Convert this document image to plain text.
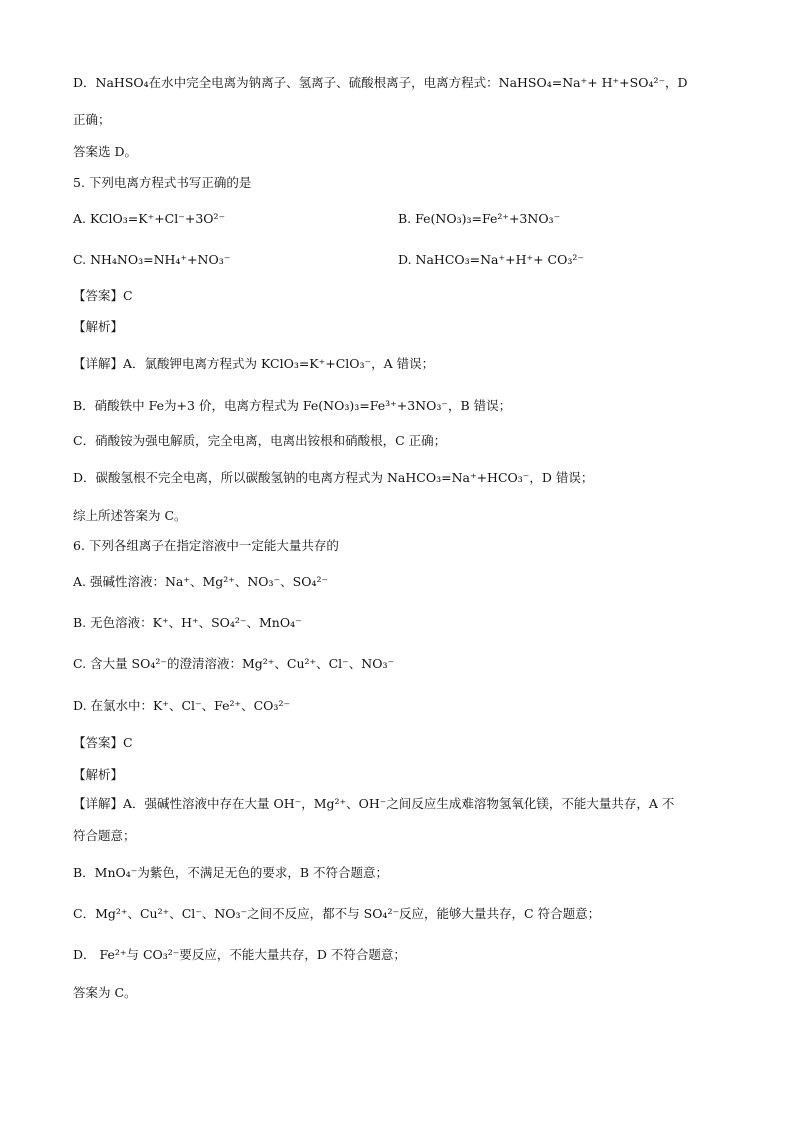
D．NaHSO₄在水中完全电离为钠离子、氢离子、硫酸根离子，电离方程式：NaHSO₄=Na⁺+ H⁺+SO₄²⁻，D
正确；
答案选 D。
5. 下列电离方程式书写正确的是
A. KClO₃=K⁺+Cl⁻+3O²⁻	B. Fe(NO₃)₃=Fe²⁺+3NO₃⁻
C. NH₄NO₃=NH₄⁺+NO₃⁻	D. NaHCO₃=Na⁺+H⁺+ CO₃²⁻
【答案】C
【解析】
【详解】A．氯酸钾电离方程式为 KClO₃=K⁺+ClO₃⁻，A 错误；
B．硝酸铁中 Fe为+3 价，电离方程式为 Fe(NO₃)₃=Fe³⁺+3NO₃⁻，B 错误；
C．硝酸铵为强电解质，完全电离，电离出铵根和硝酸根，C 正确；
D．碳酸氢根不完全电离，所以碳酸氢钠的电离方程式为 NaHCO₃=Na⁺+HCO₃⁻，D 错误；
综上所述答案为 C。
6. 下列各组离子在指定溶液中一定能大量共存的
A. 强碱性溶液：Na⁺、Mg²⁺、NO₃⁻、SO₄²⁻
B. 无色溶液：K⁺、H⁺、SO₄²⁻、MnO₄⁻
C. 含大量 SO₄²⁻的澄清溶液：Mg²⁺、Cu²⁺、Cl⁻、NO₃⁻
D. 在氯水中：K⁺、Cl⁻、Fe²⁺、CO₃²⁻
【答案】C
【解析】
【详解】A．强碱性溶液中存在大量 OH⁻，Mg²⁺、OH⁻之间反应生成难溶物氢氧化镁，不能大量共存，A 不
符合题意；
B．MnO₄⁻为紫色，不满足无色的要求，B 不符合题意；
C．Mg²⁺、Cu²⁺、Cl⁻、NO₃⁻之间不反应，都不与 SO₄²⁻反应，能够大量共存，C 符合题意；
D． Fe²⁺与 CO₃²⁻要反应，不能大量共存，D 不符合题意；
答案为 C。
